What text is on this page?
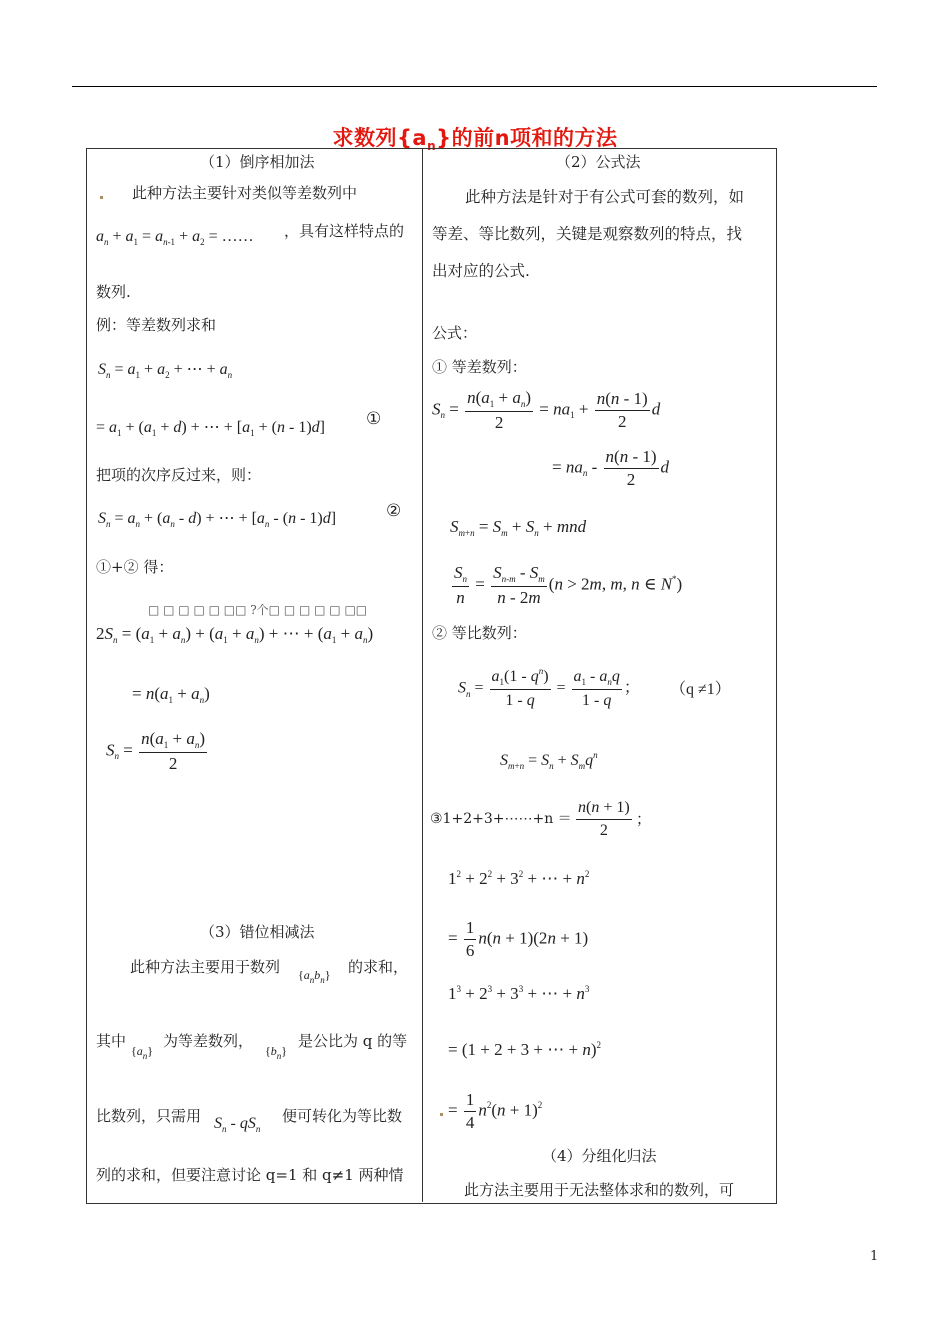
求数列$\{a_n\}$的前n项和的方法
（1）倒序相加法
此种方法主要针对类似等差数列中
$a_n + a_1 = a_{n-1} + a_2$ = …… ，具有这样特点的
数列.
例：等差数列求和
$S_n = a_1 + a_2$ + ⋯ + $a_n$
= $a_1 + (a_1 + d)$ + ⋯ + $[a_1 + (n - 1)d]$ ①
把项的次序反过来，则：
$S_n = a_n + (a_n - d)$ + ⋯ + $[a_n - (n - 1)d]$	②
①+② 得：
□ □ □ □ □ □□ ?个□ □ □ □ □ □□
$2S_n = (a_1 + a_n) + (a_1 + a_n)$ + ⋯ + $(a_1 + a_n)$
= $n(a_1 + a_n)$
$S_n = \frac{n(a_1 + a_n)}{2}$
（3）错位相减法
此种方法主要用于数列 $\{a_nb_n\}$ 的求和，
其中
$\{a_n\}$
为等差数列，
$\{b_n\}$
是公比为 q 的等
比数列，只需用 $S_n - qS_n$
便可转化为等比数
列的求和，但要注意讨论 q=1 和 q≠1 两种情
（2）公式法
此种方法是针对于有公式可套的数列，如
等差、等比数列，关键是观察数列的特点，找
出对应的公式.
公式：
① 等差数列：
$S_n = \frac{n(a_1 + a_n)}{2} = na_1 + \frac{n(n - 1)}{2}$ d
= $na_n - \frac{n(n - 1)}{2}$ d
$S_{m+n} = S_m + S_n$ + mnd
$\frac{S_n}{n} = \frac{S_{n-m} - S_m}{n - 2m} (n > 2m$, m, n ∈ N*)
② 等比数列：
$S_n = \frac{a_1(1 - q^n)}{1 - q} = \frac{a_1 - a_nq}{1 - q}$ ； （q ≠1）
$S_{m+n} = S_n + S_mq^n$
③1+2+3+⋯⋯+n ＝ $\frac{n(n + 1)}{2}$ ；
$1^2 + 2^2 + 3^2$ + ⋯ + $n^2$
= $\frac{1}{6} n(n + 1)(2n + 1)$
$1^3 + 2^3 + 3^3$ + ⋯ + $n^3$
= (1 + 2 + 3 + ⋯ + n)$^2$
= $\frac{1}{4} n^2(n + 1)^2$
（4）分组化归法
此方法主要用于无法整体求和的数列，可
1
